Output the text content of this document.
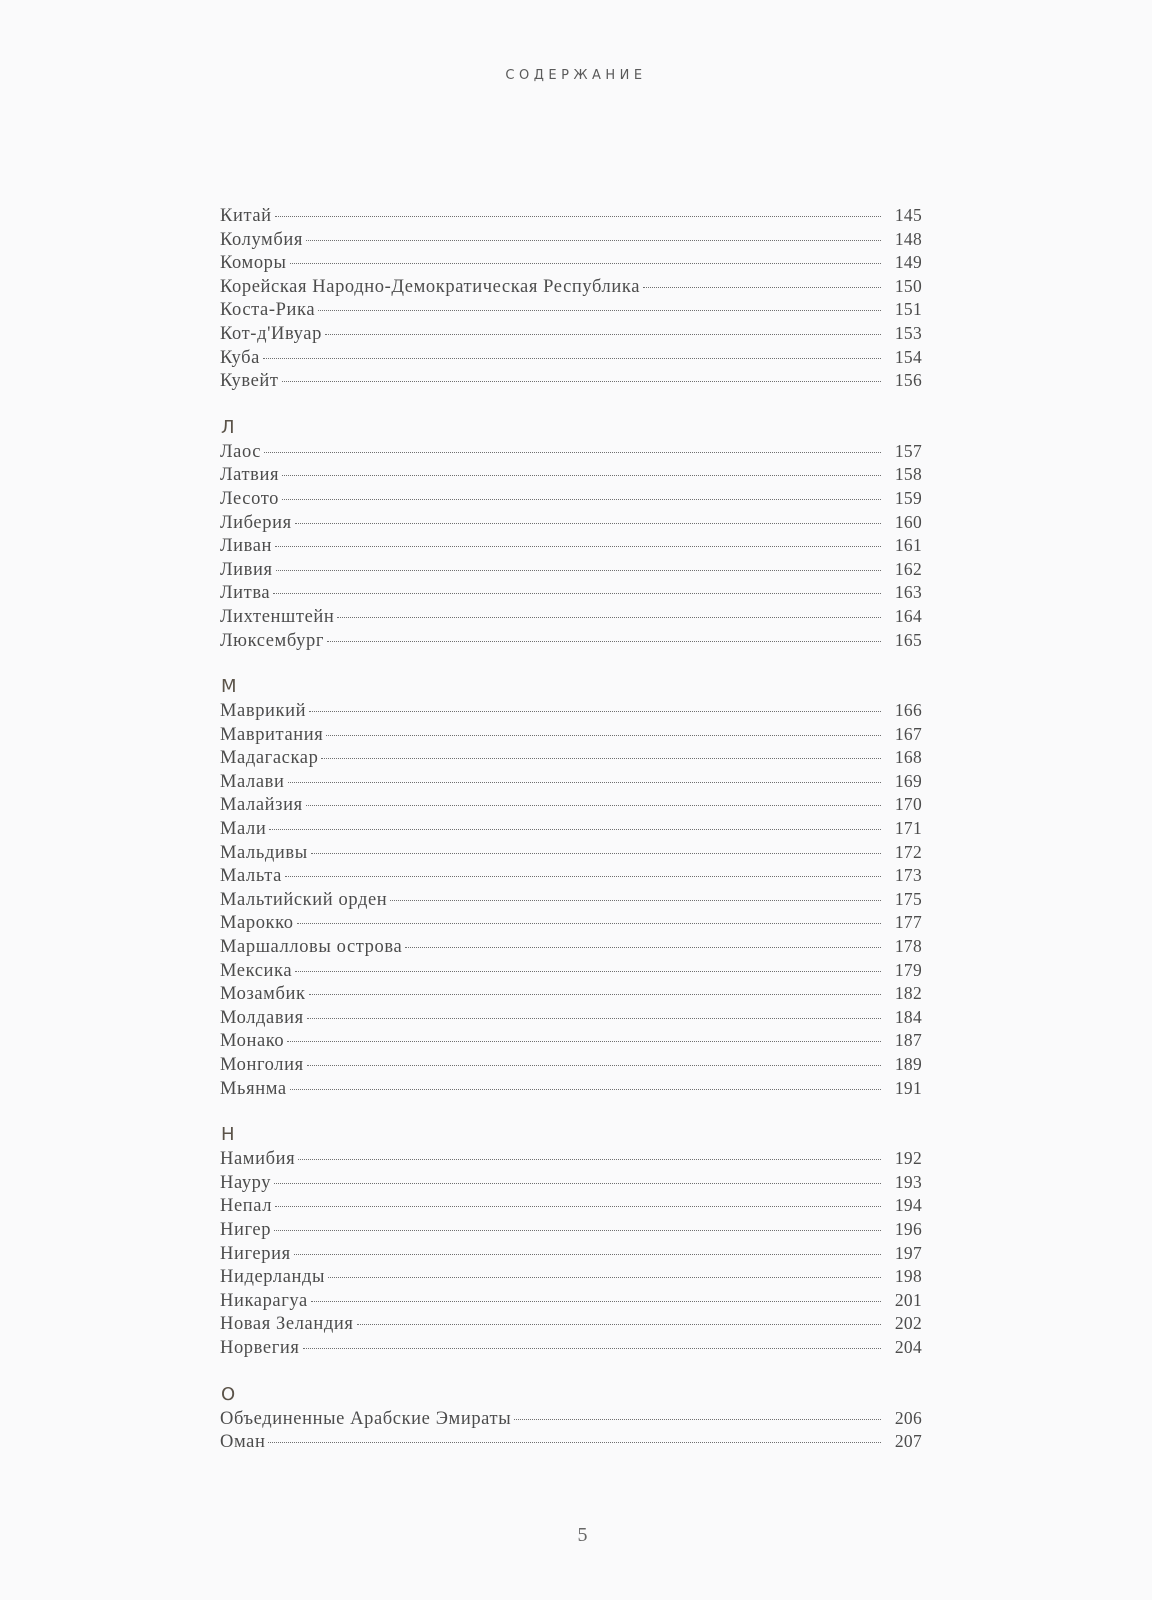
СОДЕРЖАНИЕ
Китай	145
Колумбия	148
Коморы	149
Корейская Народно-Демократическая Республика	150
Коста-Рика	151
Кот-д'Ивуар	153
Куба	154
Кувейт	156
Л
Лаос	157
Латвия	158
Лесото	159
Либерия	160
Ливан	161
Ливия	162
Литва	163
Лихтенштейн	164
Люксембург	165
М
Маврикий	166
Мавритания	167
Мадагаскар	168
Малави	169
Малайзия	170
Мали	171
Мальдивы	172
Мальта	173
Мальтийский орден	175
Марокко	177
Маршалловы острова	178
Мексика	179
Мозамбик	182
Молдавия	184
Монако	187
Монголия	189
Мьянма	191
Н
Намибия	192
Науру	193
Непал	194
Нигер	196
Нигерия	197
Нидерланды	198
Никарагуа	201
Новая Зеландия	202
Норвегия	204
О
Объединенные Арабские Эмираты	206
Оман	207
5
